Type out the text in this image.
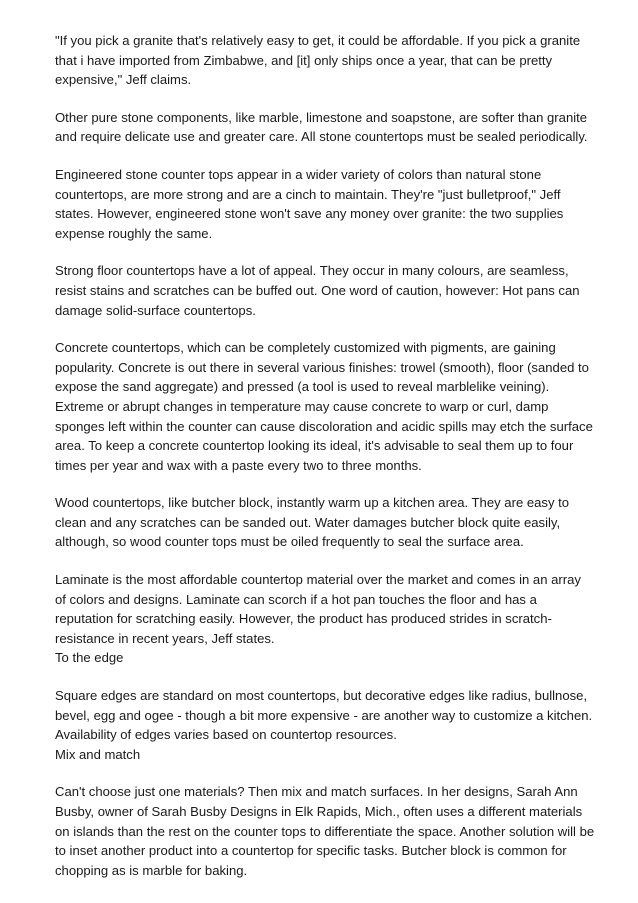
"If you pick a granite that's relatively easy to get, it could be affordable. If you pick a granite
that i have imported from Zimbabwe, and [it] only ships once a year, that can be pretty
expensive," Jeff claims.

Other pure stone components, like marble, limestone and soapstone, are softer than granite
and require delicate use and greater care. All stone countertops must be sealed periodically.

Engineered stone counter tops appear in a wider variety of colors than natural stone
countertops, are more strong and are a cinch to maintain. They're "just bulletproof," Jeff
states. However, engineered stone won't save any money over granite: the two supplies
expense roughly the same.

Strong floor countertops have a lot of appeal. They occur in many colours, are seamless,
resist stains and scratches can be buffed out. One word of caution, however: Hot pans can
damage solid-surface countertops.

Concrete countertops, which can be completely customized with pigments, are gaining
popularity. Concrete is out there in several various finishes: trowel (smooth), floor (sanded to
expose the sand aggregate) and pressed (a tool is used to reveal marblelike veining).
Extreme or abrupt changes in temperature may cause concrete to warp or curl, damp
sponges left within the counter can cause discoloration and acidic spills may etch the surface
area. To keep a concrete countertop looking its ideal, it's advisable to seal them up to four
times per year and wax with a paste every two to three months.

Wood countertops, like butcher block, instantly warm up a kitchen area. They are easy to
clean and any scratches can be sanded out. Water damages butcher block quite easily,
although, so wood counter tops must be oiled frequently to seal the surface area.

Laminate is the most affordable countertop material over the market and comes in an array
of colors and designs. Laminate can scorch if a hot pan touches the floor and has a
reputation for scratching easily. However, the product has produced strides in scratch-
resistance in recent years, Jeff states.

To the edge

Square edges are standard on most countertops, but decorative edges like radius, bullnose,
bevel, egg and ogee - though a bit more expensive - are another way to customize a kitchen.
Availability of edges varies based on countertop resources.

Mix and match

Can't choose just one materials? Then mix and match surfaces. In her designs, Sarah Ann
Busby, owner of Sarah Busby Designs in Elk Rapids, Mich., often uses a different materials
on islands than the rest on the counter tops to differentiate the space. Another solution will be
to inset another product into a countertop for specific tasks. Butcher block is common for
chopping as is marble for baking.
